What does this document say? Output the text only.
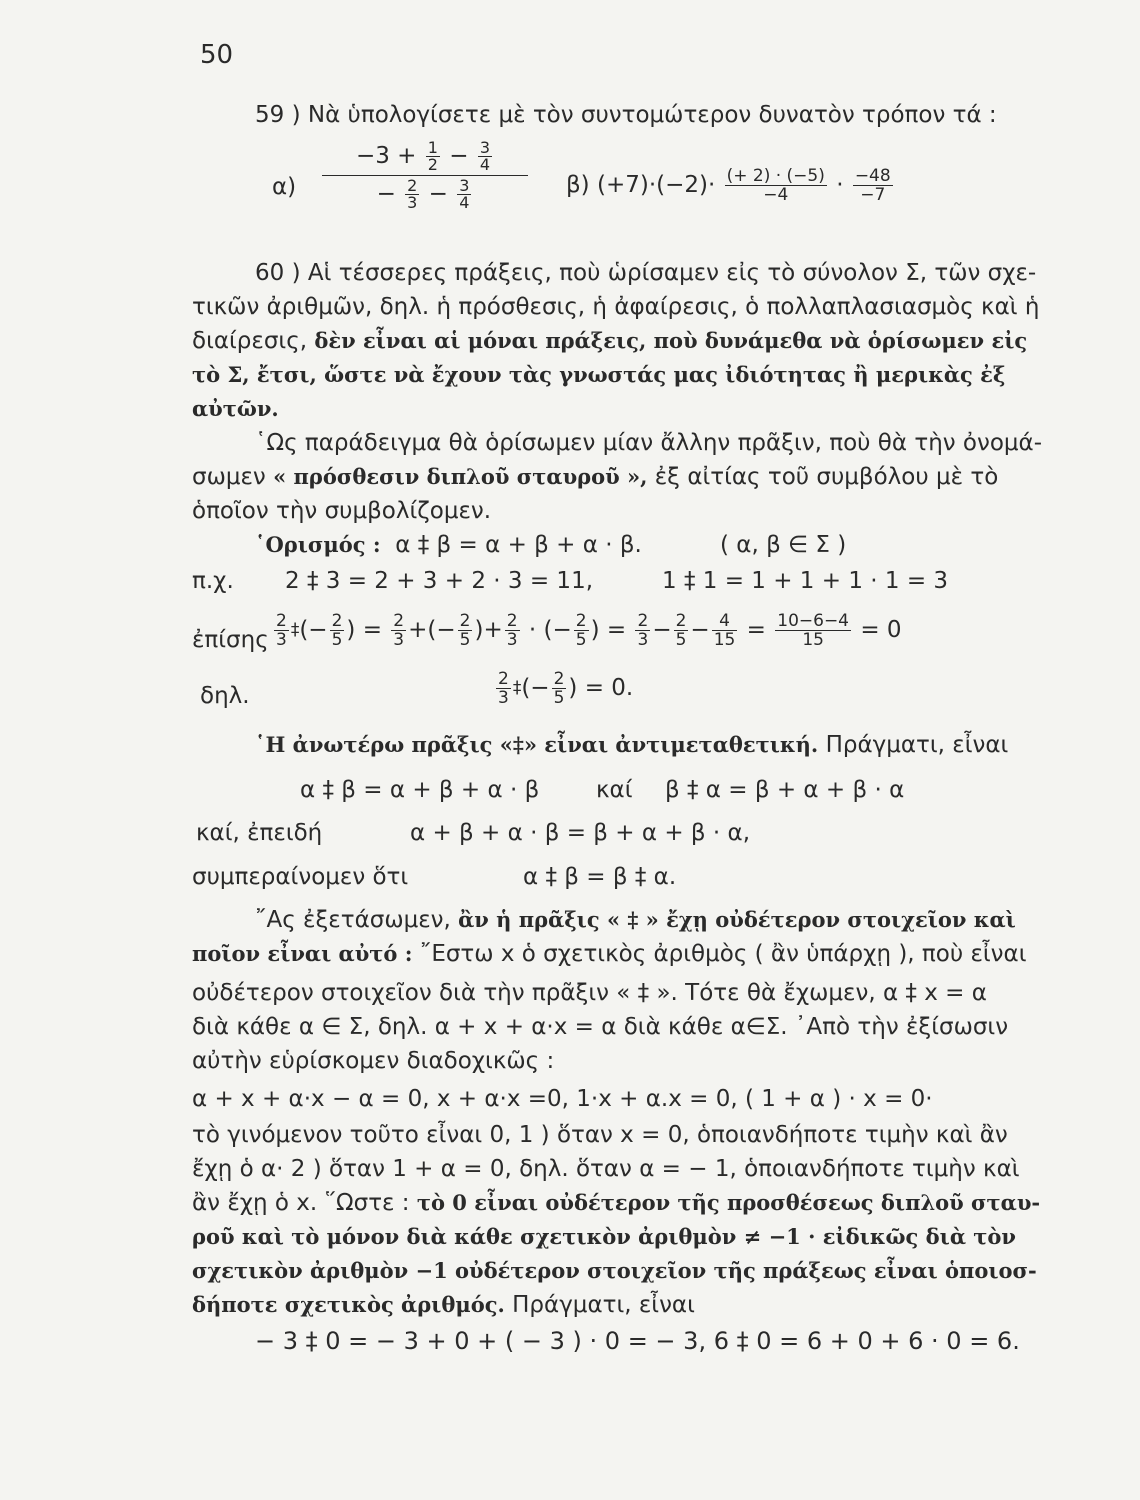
50
59 ) Νὰ ὑπολογίσετε μὲ τὸν συντομώτερον δυνατὸν τρόπον τά :
$\alpha) \frac{-3 + \frac{1}{2} - \frac{3}{4}}{- \frac{2}{3} - \frac{3}{4}} \beta$) $(+7)\cdot(-2)\cdot \frac{(+ 2) \cdot (-5)}{-4} \cdot \frac{-48}{-7}$
60 ) Αἱ τέσσερες πράξεις, ποὺ ὡρίσαμεν εἰς τὸ σύνολον Σ, τῶν σχε-
τικῶν ἀριθμῶν, δηλ. ἡ πρόσθεσις, ἡ ἀφαίρεσις, ὁ πολλαπλασιασμὸς καὶ ἡ
διαίρεσις, δὲν εἶναι αἱ μόναι πράξεις, ποὺ δυνάμεθα νὰ ὁρίσωμεν εἰς
τὸ Σ, ἔτσι, ὥστε νὰ ἔχουν τὰς γνωστάς μας ἰδιότητας ἢ μερικὰς ἐξ
αὐτῶν.
῾Ως παράδειγμα θὰ ὁρίσωμεν μίαν ἄλλην πρᾶξιν, ποὺ θὰ τὴν ὀνομά-
σωμεν « πρόσθεσιν διπλοῦ σταυροῦ », ἐξ αἰτίας τοῦ συμβόλου μὲ τὸ
ὁποῖον τὴν συμβολίζομεν.
῾Ορισμός : α ‡ β = α + β + α · β.	( α, β ∈ Σ )
π.χ. 2 ‡ 3 = 2 + 3 + 2 · 3 = 11,	1 ‡ 1 = 1 + 1 + 1 · 1 = 3
ἐπίσης $\frac{2}{3}$ ‡(− $\frac{2}{5}$ ) = $\frac{2}{3}$ +(− $\frac{2}{5}$ )+ $\frac{2}{3}$ · (− $\frac{2}{5}$ ) = $\frac{2}{3} - \frac{2}{5} - \frac{4}{15} = \frac{10-6-4}{15} = 0$
δηλ.	$\frac{2}{3}$ ‡(− $\frac{2}{5}$ ) = 0.
῾Η ἀνωτέρω πρᾶξις «‡» εἶναι ἀντιμεταθετική. Πράγματι, εἶναι
α ‡ β = α + β + α · β καί β ‡ α = β + α + β · α
καί, ἐπειδή	α + β + α · β = β + α + β · α,
συμπεραίνομεν ὅτι	α ‡ β = β ‡ α.
῎Ας ἐξετάσωμεν, ἂν ἡ πρᾶξις « ‡ » ἔχῃ οὐδέτερον στοιχεῖον καὶ
ποῖον εἶναι αὐτό : ῎Εστω x ὁ σχετικὸς ἀριθμὸς ( ἂν ὑπάρχῃ ), ποὺ εἶναι
οὐδέτερον στοιχεῖον διὰ τὴν πρᾶξιν « ‡ ». Τότε θὰ ἔχωμεν, α ‡ x = α
διὰ κάθε α ∈ Σ, δηλ. α + x + α·x = α διὰ κάθε α∈Σ. ᾿Απὸ τὴν ἐξίσωσιν
αὐτὴν εὑρίσκομεν διαδοχικῶς :
α + x + α·x − α = 0, x + α·x =0, 1·x + α.x = 0, ( 1 + α ) · x = 0·
τὸ γινόμενον τοῦτο εἶναι 0, 1 ) ὅταν x = 0, ὁποιανδήποτε τιμὴν καὶ ἂν
ἔχῃ ὁ α· 2 ) ὅταν 1 + α = 0, δηλ. ὅταν α = − 1, ὁποιανδήποτε τιμὴν καὶ
ἂν ἔχῃ ὁ x. ῞Ωστε : τὸ 0 εἶναι οὐδέτερον τῆς προσθέσεως διπλοῦ σταυ-
ροῦ καὶ τὸ μόνον διὰ κάθε σχετικὸν ἀριθμὸν ≠ −1 · εἰδικῶς διὰ τὸν
σχετικὸν ἀριθμὸν −1 οὐδέτερον στοιχεῖον τῆς πράξεως εἶναι ὁποιοσ-
δήποτε σχετικὸς ἀριθμός. Πράγματι, εἶναι
− 3 ‡ 0 = − 3 + 0 + ( − 3 ) · 0 = − 3, 6 ‡ 0 = 6 + 0 + 6 · 0 = 6.
